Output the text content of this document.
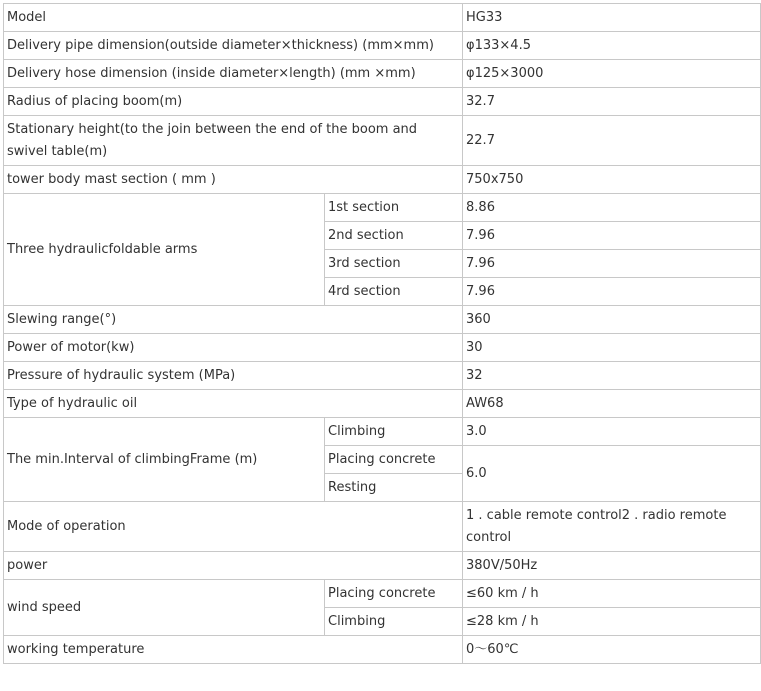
Model		HG33
Delivery pipe dimension(outside diameter×thickness) (mm×mm)		φ133×4.5
Delivery hose dimension (inside diameter×length) (mm ×mm)		φ125×3000
Radius of placing boom(m)		32.7
Stationary height(to the join between the end of the boom and swivel table(m)		22.7
tower body mast section ( mm )		750x750
Three hydraulicfoldable arms	1st section	8.86
	2nd section	7.96
	3rd section	7.96
	4rd section	7.96
Slewing range(°)		360
Power of motor(kw)		30
Pressure of hydraulic system (MPa)		32
Type of hydraulic oil		AW68
The min.Interval of climbingFrame (m)	Climbing	3.0
	Placing concrete	6.0
	Resting	
Mode of operation		1 . cable remote control2 . radio remote control
power		380V/50Hz
wind speed	Placing concrete	≤60 km / h
	Climbing	≤28 km / h
working temperature		0～60℃
